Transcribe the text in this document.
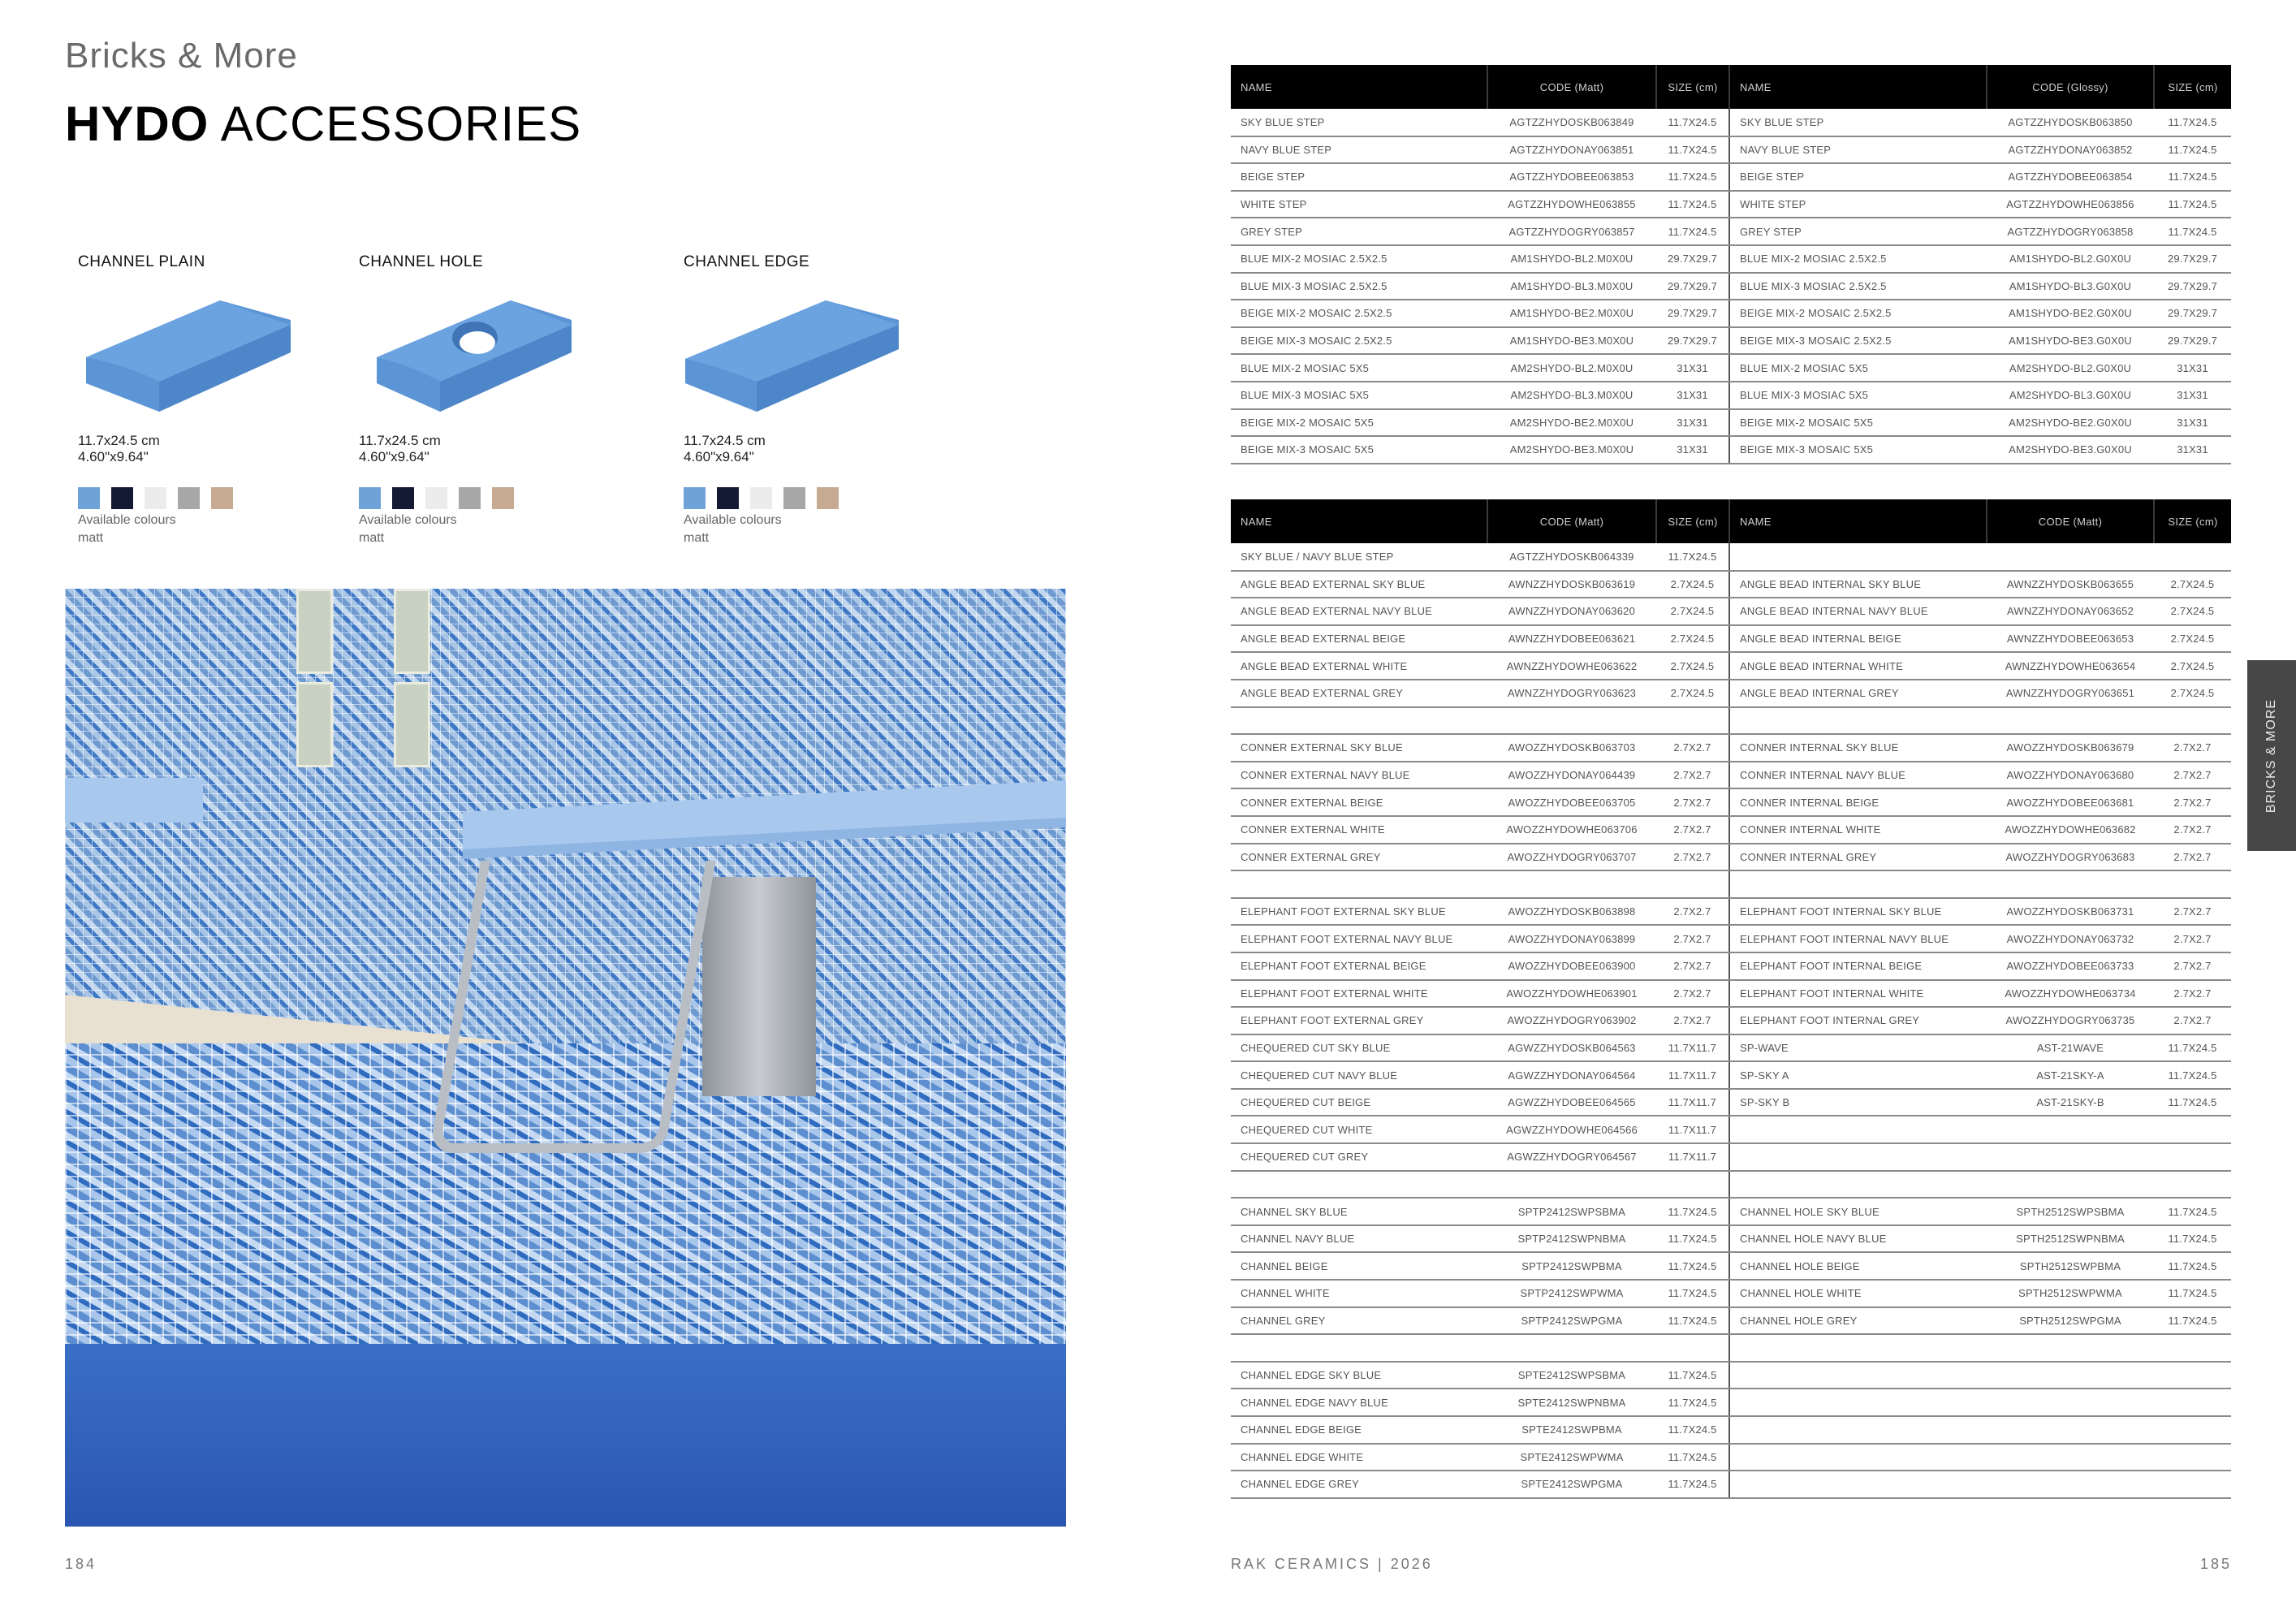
Bricks & More
HYDO ACCESSORIES
CHANNEL PLAIN
11.7x24.5 cm
4.60"x9.64"
Available colours
matt
CHANNEL HOLE
11.7x24.5 cm
4.60"x9.64"
Available colours
matt
CHANNEL EDGE
11.7x24.5 cm
4.60"x9.64"
Available colours
matt
NAME	CODE (Matt)	SIZE (cm)	NAME	CODE (Glossy)	SIZE (cm)
SKY BLUE STEP	AGTZZHYDOSKB063849	11.7X24.5	SKY BLUE STEP	AGTZZHYDOSKB063850	11.7X24.5
NAVY BLUE STEP	AGTZZHYDONAY063851	11.7X24.5	NAVY BLUE STEP	AGTZZHYDONAY063852	11.7X24.5
BEIGE STEP	AGTZZHYDOBEE063853	11.7X24.5	BEIGE STEP	AGTZZHYDOBEE063854	11.7X24.5
WHITE STEP	AGTZZHYDOWHE063855	11.7X24.5	WHITE STEP	AGTZZHYDOWHE063856	11.7X24.5
GREY STEP	AGTZZHYDOGRY063857	11.7X24.5	GREY STEP	AGTZZHYDOGRY063858	11.7X24.5
BLUE MIX-2 MOSIAC 2.5X2.5	AM1SHYDO-BL2.M0X0U	29.7X29.7	BLUE MIX-2 MOSIAC 2.5X2.5	AM1SHYDO-BL2.G0X0U	29.7X29.7
BLUE MIX-3 MOSIAC 2.5X2.5	AM1SHYDO-BL3.M0X0U	29.7X29.7	BLUE MIX-3 MOSIAC 2.5X2.5	AM1SHYDO-BL3.G0X0U	29.7X29.7
BEIGE MIX-2 MOSAIC 2.5X2.5	AM1SHYDO-BE2.M0X0U	29.7X29.7	BEIGE MIX-2 MOSAIC 2.5X2.5	AM1SHYDO-BE2.G0X0U	29.7X29.7
BEIGE MIX-3 MOSAIC 2.5X2.5	AM1SHYDO-BE3.M0X0U	29.7X29.7	BEIGE MIX-3 MOSAIC 2.5X2.5	AM1SHYDO-BE3.G0X0U	29.7X29.7
BLUE MIX-2 MOSIAC 5X5	AM2SHYDO-BL2.M0X0U	31X31	BLUE MIX-2 MOSIAC 5X5	AM2SHYDO-BL2.G0X0U	31X31
BLUE MIX-3 MOSIAC 5X5	AM2SHYDO-BL3.M0X0U	31X31	BLUE MIX-3 MOSIAC 5X5	AM2SHYDO-BL3.G0X0U	31X31
BEIGE MIX-2 MOSAIC 5X5	AM2SHYDO-BE2.M0X0U	31X31	BEIGE MIX-2 MOSAIC 5X5	AM2SHYDO-BE2.G0X0U	31X31
BEIGE MIX-3 MOSAIC 5X5	AM2SHYDO-BE3.M0X0U	31X31	BEIGE MIX-3 MOSAIC 5X5	AM2SHYDO-BE3.G0X0U	31X31
NAME	CODE (Matt)	SIZE (cm)	NAME	CODE (Matt)	SIZE (cm)
SKY BLUE / NAVY BLUE STEP	AGTZZHYDOSKB064339	11.7X24.5			
ANGLE BEAD EXTERNAL SKY BLUE	AWNZZHYDOSKB063619	2.7X24.5	ANGLE BEAD INTERNAL SKY BLUE	AWNZZHYDOSKB063655	2.7X24.5
ANGLE BEAD EXTERNAL NAVY BLUE	AWNZZHYDONAY063620	2.7X24.5	ANGLE BEAD INTERNAL NAVY BLUE	AWNZZHYDONAY063652	2.7X24.5
ANGLE BEAD EXTERNAL BEIGE	AWNZZHYDOBEE063621	2.7X24.5	ANGLE BEAD INTERNAL BEIGE	AWNZZHYDOBEE063653	2.7X24.5
ANGLE BEAD EXTERNAL WHITE	AWNZZHYDOWHE063622	2.7X24.5	ANGLE BEAD INTERNAL WHITE	AWNZZHYDOWHE063654	2.7X24.5
ANGLE BEAD EXTERNAL GREY	AWNZZHYDOGRY063623	2.7X24.5	ANGLE BEAD INTERNAL GREY	AWNZZHYDOGRY063651	2.7X24.5

CONNER EXTERNAL SKY BLUE	AWOZZHYDOSKB063703	2.7X2.7	CONNER INTERNAL SKY BLUE	AWOZZHYDOSKB063679	2.7X2.7
CONNER EXTERNAL NAVY BLUE	AWOZZHYDONAY064439	2.7X2.7	CONNER INTERNAL NAVY BLUE	AWOZZHYDONAY063680	2.7X2.7
CONNER EXTERNAL BEIGE	AWOZZHYDOBEE063705	2.7X2.7	CONNER INTERNAL BEIGE	AWOZZHYDOBEE063681	2.7X2.7
CONNER EXTERNAL WHITE	AWOZZHYDOWHE063706	2.7X2.7	CONNER INTERNAL WHITE	AWOZZHYDOWHE063682	2.7X2.7
CONNER EXTERNAL GREY	AWOZZHYDOGRY063707	2.7X2.7	CONNER INTERNAL GREY	AWOZZHYDOGRY063683	2.7X2.7

ELEPHANT FOOT EXTERNAL SKY BLUE	AWOZZHYDOSKB063898	2.7X2.7	ELEPHANT FOOT INTERNAL SKY BLUE	AWOZZHYDOSKB063731	2.7X2.7
ELEPHANT FOOT EXTERNAL NAVY BLUE	AWOZZHYDONAY063899	2.7X2.7	ELEPHANT FOOT INTERNAL NAVY BLUE	AWOZZHYDONAY063732	2.7X2.7
ELEPHANT FOOT EXTERNAL BEIGE	AWOZZHYDOBEE063900	2.7X2.7	ELEPHANT FOOT INTERNAL BEIGE	AWOZZHYDOBEE063733	2.7X2.7
ELEPHANT FOOT EXTERNAL WHITE	AWOZZHYDOWHE063901	2.7X2.7	ELEPHANT FOOT INTERNAL WHITE	AWOZZHYDOWHE063734	2.7X2.7
ELEPHANT FOOT EXTERNAL GREY	AWOZZHYDOGRY063902	2.7X2.7	ELEPHANT FOOT INTERNAL GREY	AWOZZHYDOGRY063735	2.7X2.7
CHEQUERED CUT SKY BLUE	AGWZZHYDOSKB064563	11.7X11.7	SP-WAVE	AST-21WAVE	11.7X24.5
CHEQUERED CUT NAVY BLUE	AGWZZHYDONAY064564	11.7X11.7	SP-SKY A	AST-21SKY-A	11.7X24.5
CHEQUERED CUT BEIGE	AGWZZHYDOBEE064565	11.7X11.7	SP-SKY B	AST-21SKY-B	11.7X24.5
CHEQUERED CUT WHITE	AGWZZHYDOWHE064566	11.7X11.7			
CHEQUERED CUT GREY	AGWZZHYDOGRY064567	11.7X11.7			

CHANNEL SKY BLUE	SPTP2412SWPSBMA	11.7X24.5	CHANNEL HOLE SKY BLUE	SPTH2512SWPSBMA	11.7X24.5
CHANNEL NAVY BLUE	SPTP2412SWPNBMA	11.7X24.5	CHANNEL HOLE NAVY BLUE	SPTH2512SWPNBMA	11.7X24.5
CHANNEL BEIGE	SPTP2412SWPBMA	11.7X24.5	CHANNEL HOLE BEIGE	SPTH2512SWPBMA	11.7X24.5
CHANNEL WHITE	SPTP2412SWPWMA	11.7X24.5	CHANNEL HOLE WHITE	SPTH2512SWPWMA	11.7X24.5
CHANNEL GREY	SPTP2412SWPGMA	11.7X24.5	CHANNEL HOLE GREY	SPTH2512SWPGMA	11.7X24.5

CHANNEL EDGE SKY BLUE	SPTE2412SWPSBMA	11.7X24.5			
CHANNEL EDGE NAVY BLUE	SPTE2412SWPNBMA	11.7X24.5			
CHANNEL EDGE BEIGE	SPTE2412SWPBMA	11.7X24.5			
CHANNEL EDGE WHITE	SPTE2412SWPWMA	11.7X24.5			
CHANNEL EDGE GREY	SPTE2412SWPGMA	11.7X24.5			
BRICKS & MORE
184	RAK CERAMICS | 2026	185
